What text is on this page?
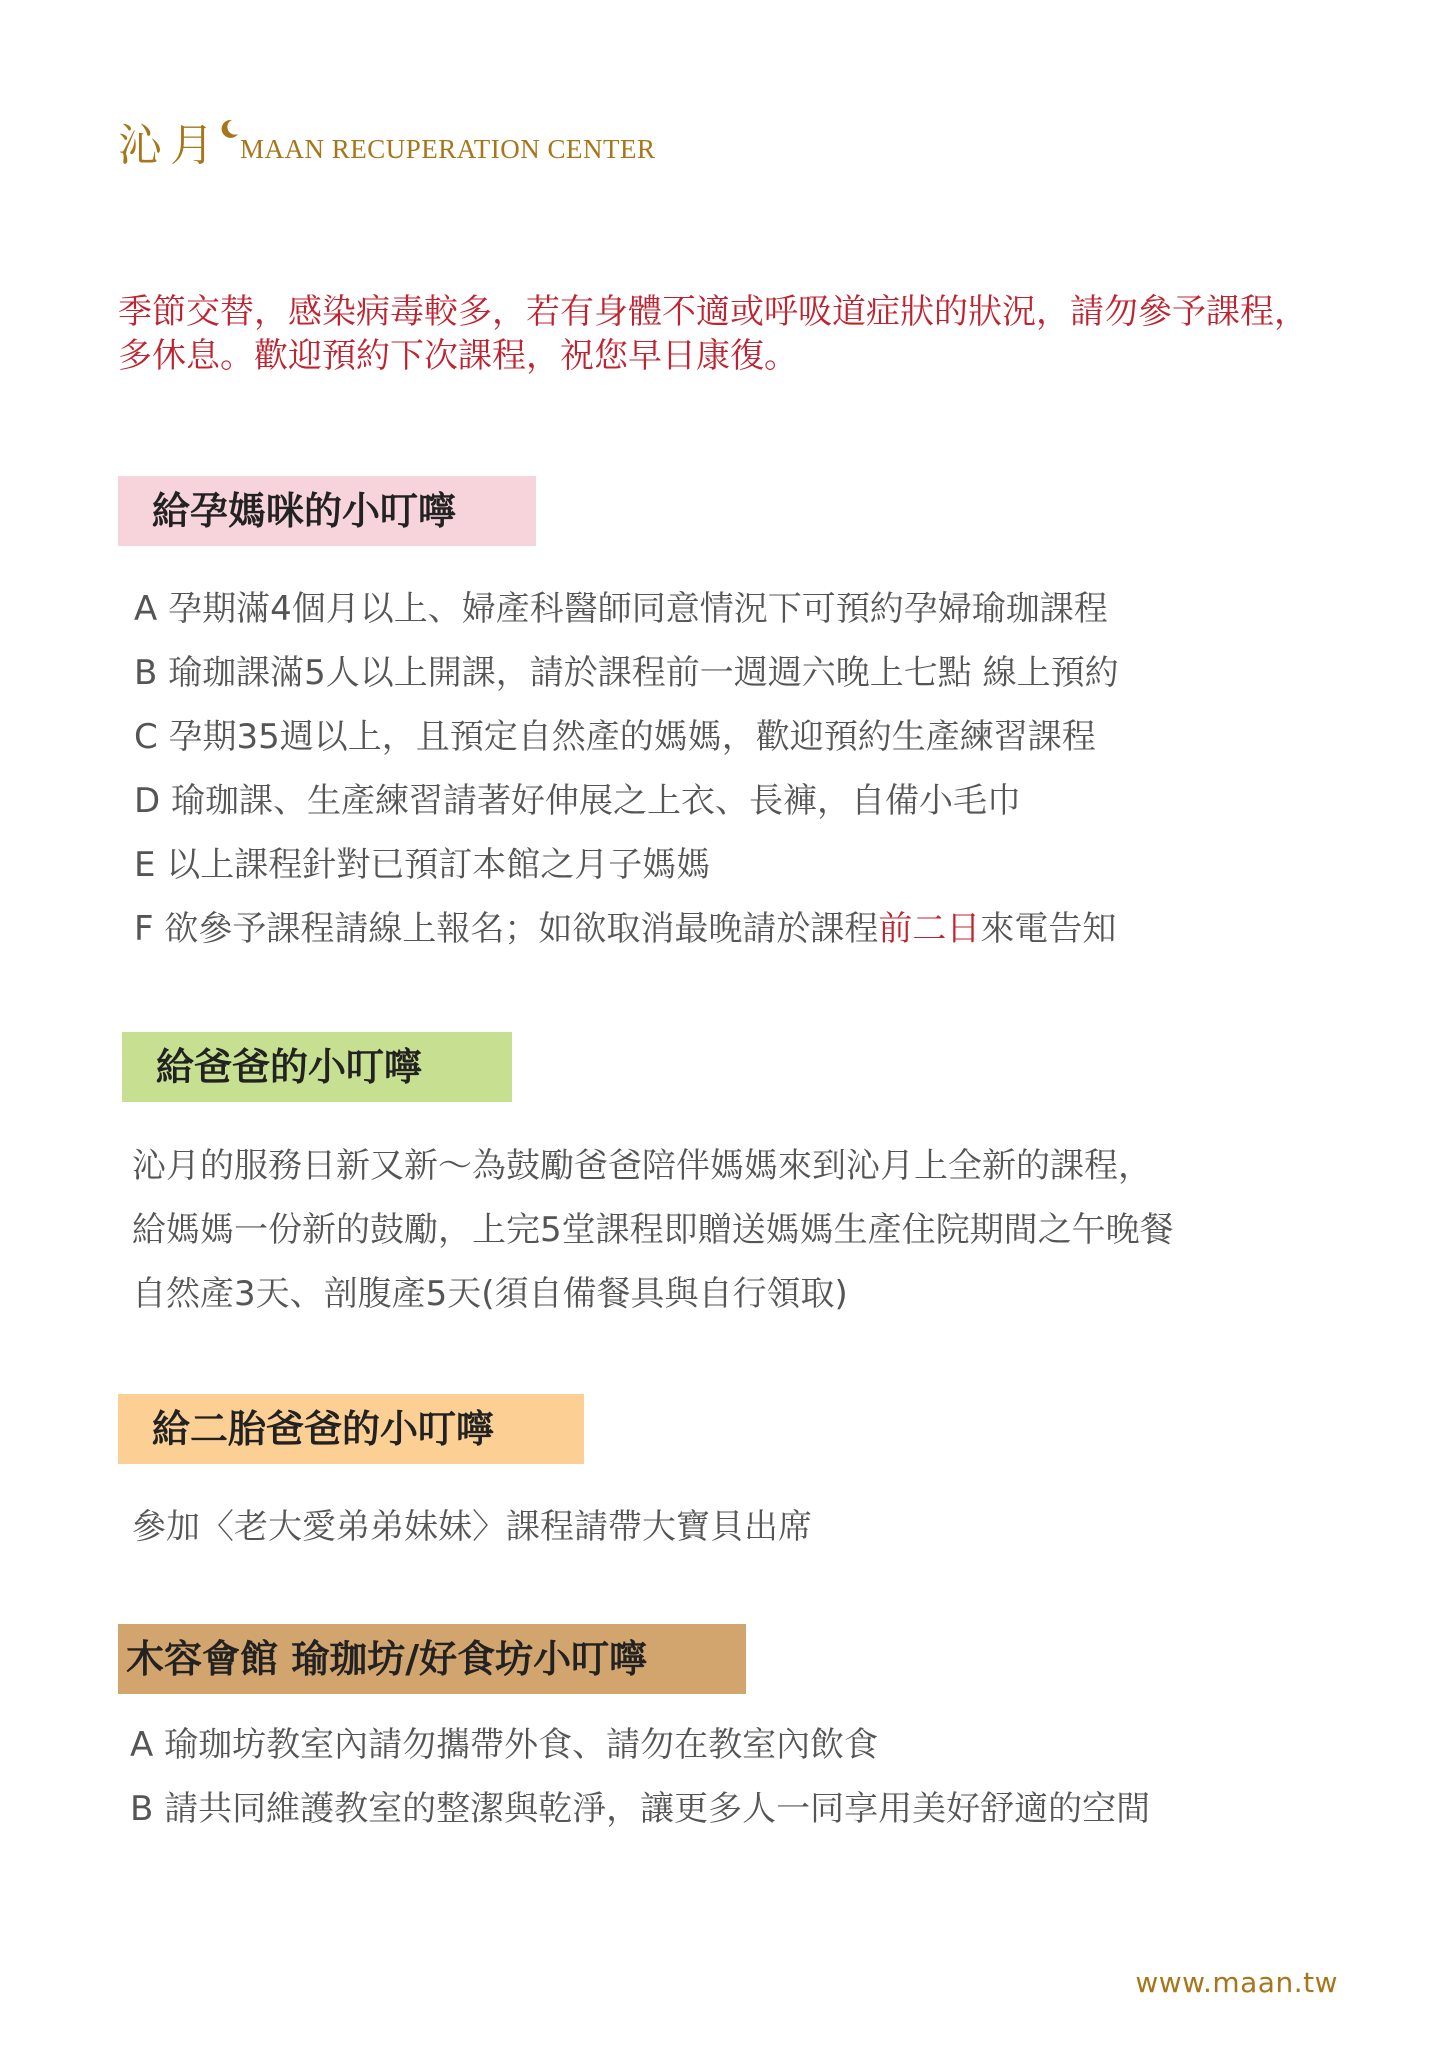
沁月 MAAN RECUPERATION CENTER

季節交替，感染病毒較多，若有身體不適或呼吸道症狀的狀況，請勿參予課程，多休息。歡迎預約下次課程，祝您早日康復。

給孕媽咪的小叮嚀
A 孕期滿4個月以上、婦產科醫師同意情況下可預約孕婦瑜珈課程
B 瑜珈課滿5人以上開課，請於課程前一週週六晚上七點 線上預約
C 孕期35週以上，且預定自然產的媽媽，歡迎預約生產練習課程
D 瑜珈課、生產練習請著好伸展之上衣、長褲，自備小毛巾
E 以上課程針對已預訂本館之月子媽媽
F 欲參予課程請線上報名；如欲取消最晚請於課程前二日來電告知
給爸爸的小叮嚀

沁月的服務日新又新～為鼓勵爸爸陪伴媽媽來到沁月上全新的課程，
給媽媽一份新的鼓勵，上完5堂課程即贈送媽媽生產住院期間之午晚餐
自然產3天、剖腹產5天(須自備餐具與自行領取)

給二胎爸爸的小叮嚀

參加〈老大愛弟弟妹妹〉課程請帶大寶貝出席

木容會館 瑜珈坊/好食坊小叮嚀
A 瑜珈坊教室內請勿攜帶外食、請勿在教室內飲食
B 請共同維護教室的整潔與乾淨，讓更多人一同享用美好舒適的空間
www.maan.tw
